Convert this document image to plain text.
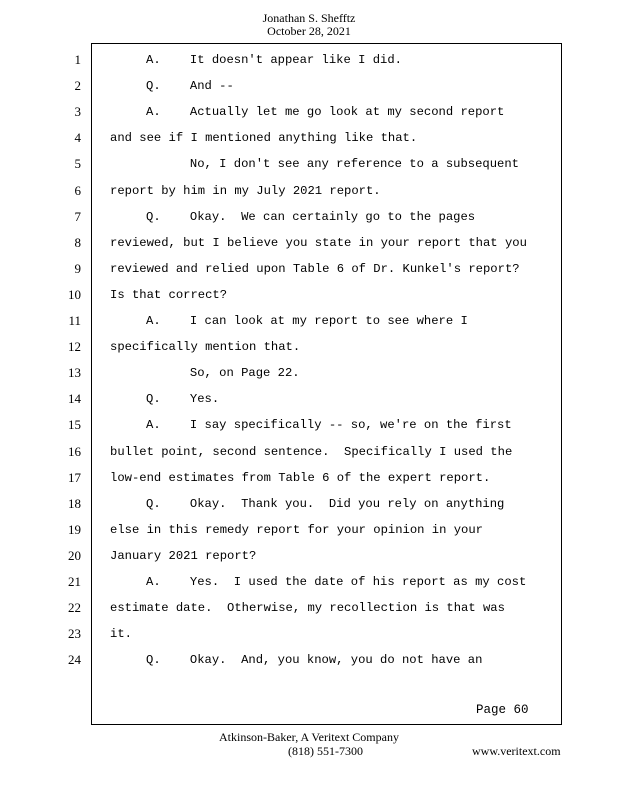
Jonathan S. Shefftz
October 28, 2021
1	A.    It doesn't appear like I did.
2	Q.    And --
3	A.    Actually let me go look at my second report
4 and see if I mentioned anything like that.
5	No, I don't see any reference to a subsequent
6 report by him in my July 2021 report.
7	Q.    Okay.  We can certainly go to the pages
8 reviewed, but I believe you state in your report that you
9 reviewed and relied upon Table 6 of Dr. Kunkel's report?
10 Is that correct?
11	A.    I can look at my report to see where I
12 specifically mention that.
13	So, on Page 22.
14	Q.    Yes.
15	A.    I say specifically -- so, we're on the first
16 bullet point, second sentence.  Specifically I used the
17 low-end estimates from Table 6 of the expert report.
18	Q.    Okay.  Thank you.  Did you rely on anything
19 else in this remedy report for your opinion in your
20 January 2021 report?
21	A.    Yes.  I used the date of his report as my cost
22 estimate date.  Otherwise, my recollection is that was
23 it.
24	Q.    Okay.  And, you know, you do not have an
Page 60
Atkinson-Baker, A Veritext Company
(818) 551-7300	www.veritext.com
